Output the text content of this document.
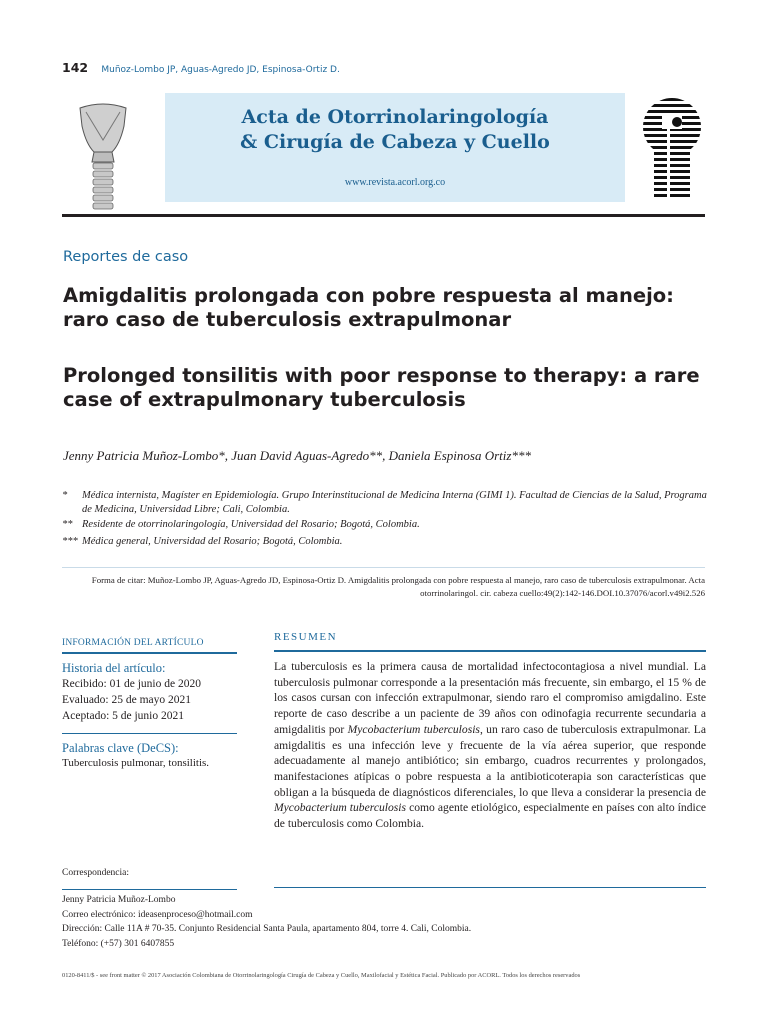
142 Muñoz-Lombo JP, Aguas-Agredo JD, Espinosa-Ortiz D.
Acta de Otorrinolaringología
& Cirugía de Cabeza y Cuello
www.revista.acorl.org.co
Reportes de caso
Amigdalitis prolongada con pobre respuesta al manejo:
raro caso de tuberculosis extrapulmonar
Prolonged tonsilitis with poor response to therapy: a rare
case of extrapulmonary tuberculosis
Jenny Patricia Muñoz-Lombo*, Juan David Aguas-Agredo**, Daniela Espinosa Ortiz***
* Médica internista, Magíster en Epidemiología. Grupo Interinstitucional de Medicina Interna (GIMI 1). Facultad de Ciencias de la Salud, Programa de Medicina, Universidad Libre; Cali, Colombia.
** Residente de otorrinolaringología, Universidad del Rosario; Bogotá, Colombia.
*** Médica general, Universidad del Rosario; Bogotá, Colombia.
Forma de citar: Muñoz-Lombo JP, Aguas-Agredo JD, Espinosa-Ortiz D. Amigdalitis prolongada con pobre respuesta al manejo, raro caso de tuberculosis extrapulmonar. Acta
otorrinolaringol. cir. cabeza cuello:49(2):142-146.DOI.10.37076/acorl.v49i2.526
INFORMACIÓN DEL ARTÍCULO
Historia del artículo:
Recibido: 01 de junio de 2020
Evaluado: 25 de mayo 2021
Aceptado: 5 de junio 2021
Palabras clave (DeCS):
Tuberculosis pulmonar, tonsilitis.
RESUMEN
La tuberculosis es la primera causa de mortalidad infectocontagiosa a nivel mundial. La tuberculosis pulmonar corresponde a la presentación más frecuente, sin embargo, el 15 % de los casos cursan con infección extrapulmonar, siendo raro el compromiso amigdalino. Este reporte de caso describe a un paciente de 39 años con odinofagia recurrente secundaria a amigdalitis por Mycobacterium tuberculosis, un raro caso de tuberculosis extrapulmonar. La amigdalitis es una infección leve y frecuente de la vía aérea superior, que responde adecuadamente al manejo antibiótico; sin embargo, cuadros recurrentes y prolongados, manifestaciones atípicas o pobre respuesta a la antibioticoterapia son características que obligan a la búsqueda de diagnósticos diferenciales, lo que lleva a considerar la presencia de Mycobacterium tuberculosis como agente etiológico, especialmente en países con alto índice de tuberculosis como Colombia.
Correspondencia:
Jenny Patricia Muñoz-Lombo
Correo electrónico: ideasenproceso@hotmail.com
Dirección: Calle 11A # 70-35. Conjunto Residencial Santa Paula, apartamento 804, torre 4. Cali, Colombia.
Teléfono: (+57) 301 6407855
0120-8411/$ - see front matter © 2017 Asociación Colombiana de Otorrinolaringología Cirugía de Cabeza y Cuello, Maxilofacial y Estética Facial. Publicado por ACORL. Todos los derechos reservados
